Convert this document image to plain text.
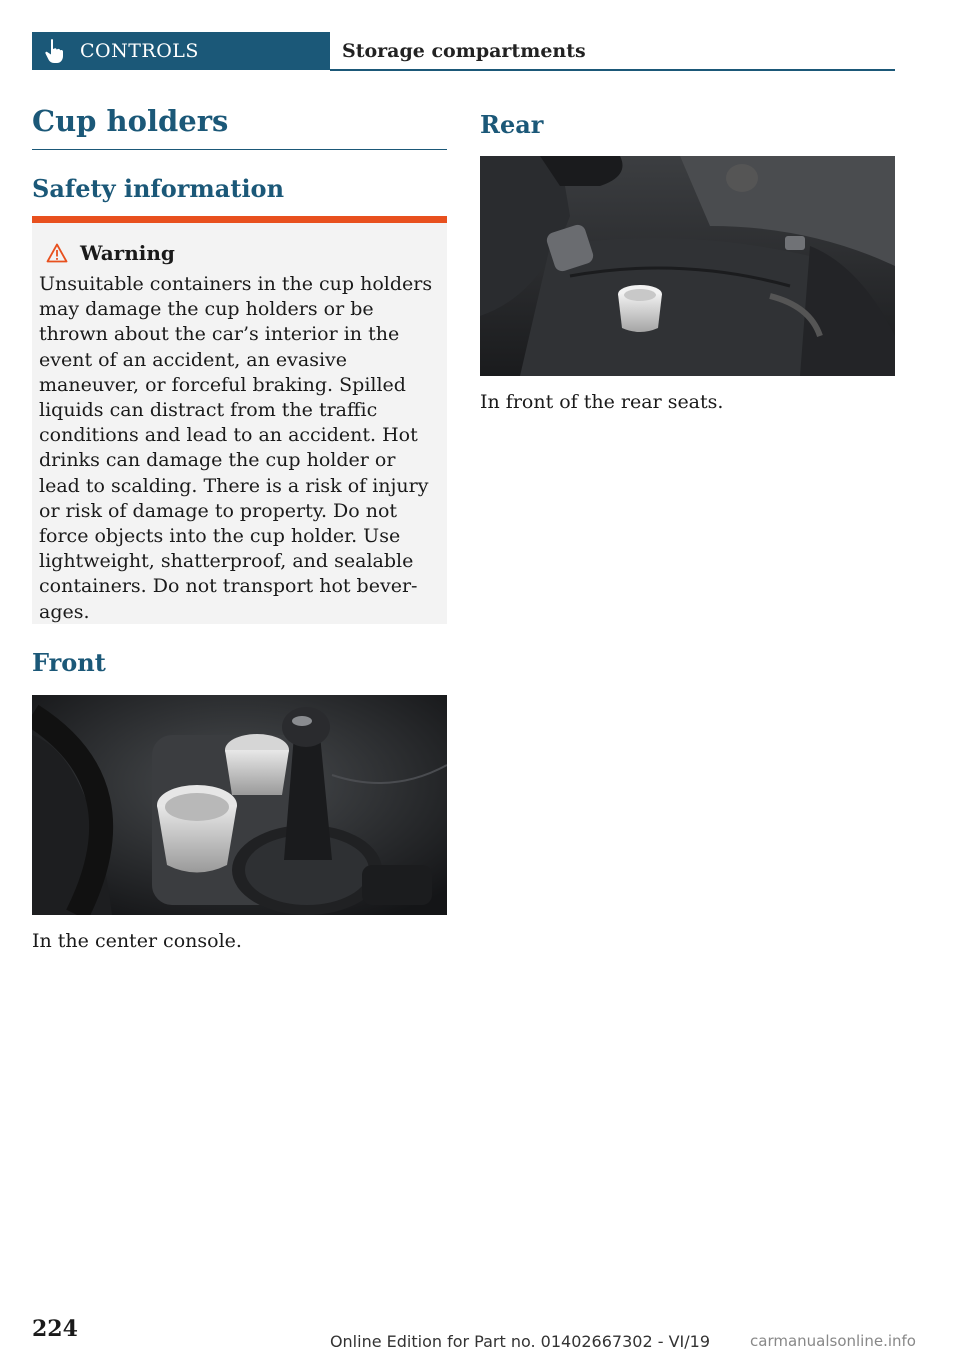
CONTROLS	Storage compartments
Cup holders
Safety information
Warning

Unsuitable containers in the cup holders may damage the cup holders or be thrown about the car’s interior in the event of an accident, an evasive maneuver, or forceful braking. Spilled liquids can distract from the traffic conditions and lead to an accident. Hot drinks can damage the cup holder or lead to scalding. There is a risk of injury or risk of damage to property. Do not force objects into the cup holder. Use lightweight, shatterproof, and sealable containers. Do not transport hot beverages.

Front

In the center console.

Rear

In front of the rear seats.

224	Online Edition for Part no. 01402667302 - VI/19	carmanualsonline.info
